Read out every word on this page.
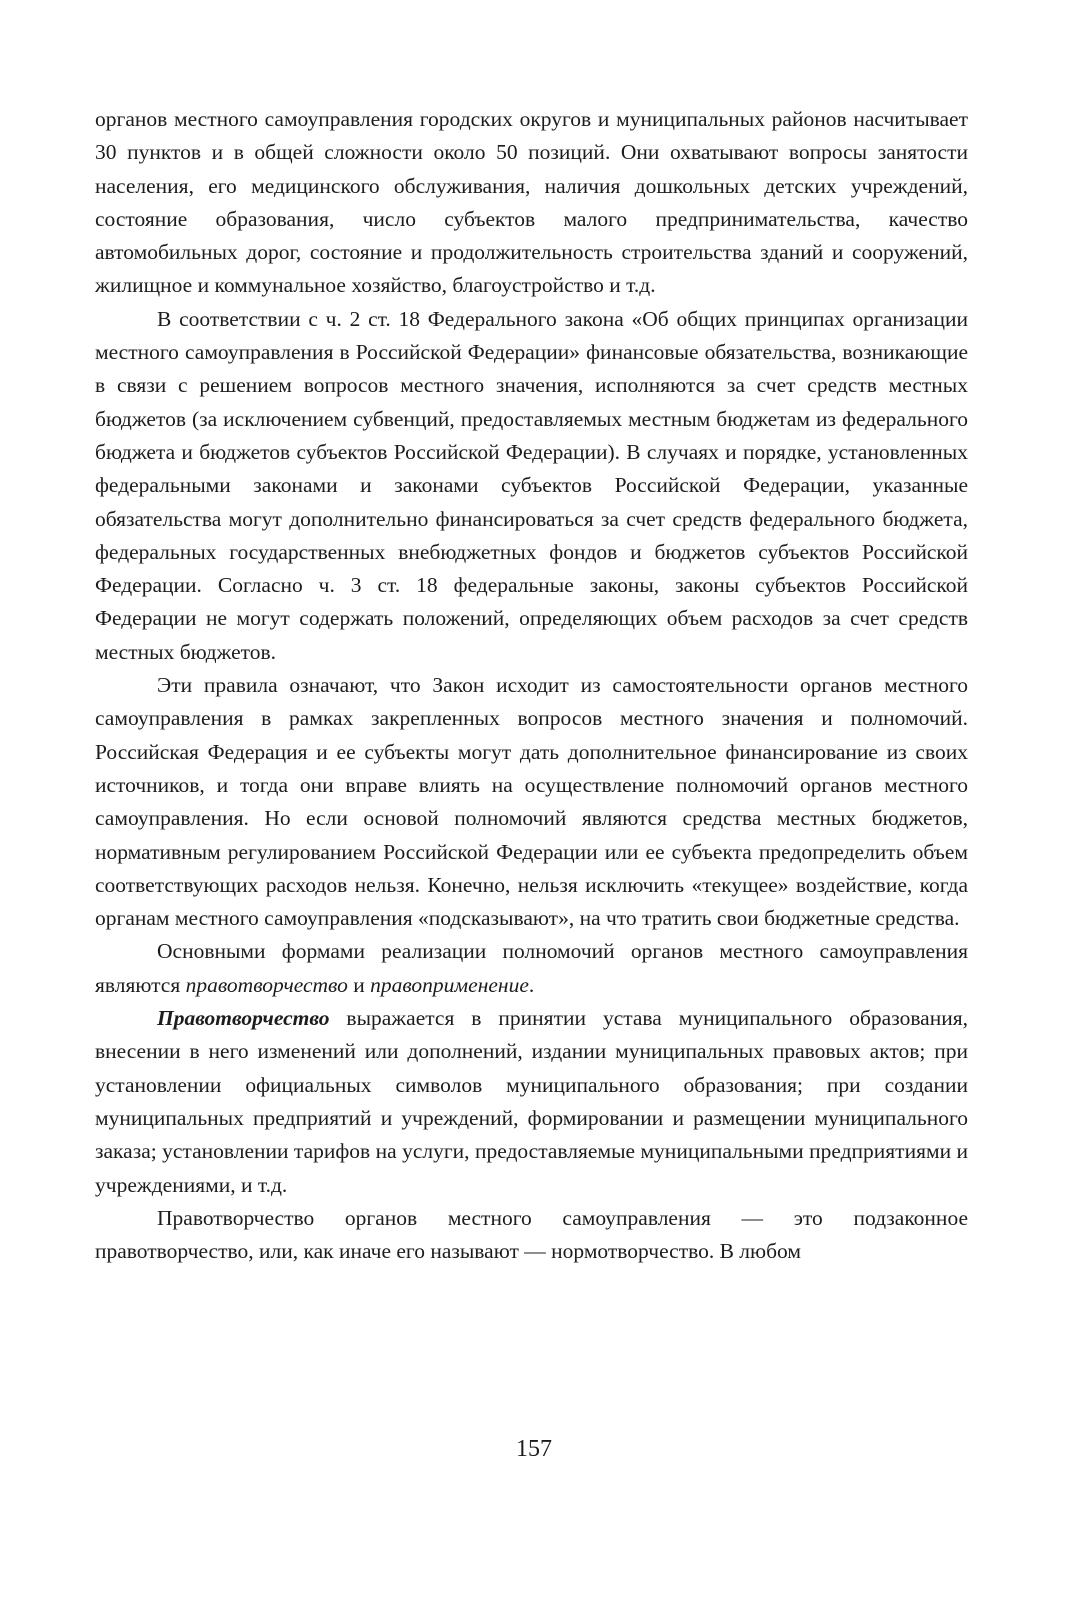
органов местного самоуправления городских округов и муниципальных районов насчитывает 30 пунктов и в общей сложности около 50 позиций. Они охватывают вопросы занятости населения, его медицинского обслуживания, наличия дошкольных детских учреждений, состояние образования, число субъектов малого предпринимательства, качество автомобильных дорог, состояние и продолжительность строительства зданий и сооружений, жилищное и коммунальное хозяйство, благоустройство и т.д.

В соответствии с ч. 2 ст. 18 Федерального закона «Об общих принципах организации местного самоуправления в Российской Федерации» финансовые обязательства, возникающие в связи с решением вопросов местного значения, исполняются за счет средств местных бюджетов (за исключением субвенций, предоставляемых местным бюджетам из федерального бюджета и бюджетов субъектов Российской Федерации). В случаях и порядке, установленных федеральными законами и законами субъектов Российской Федерации, указанные обязательства могут дополнительно финансироваться за счет средств федерального бюджета, федеральных государственных внебюджетных фондов и бюджетов субъектов Российской Федерации. Согласно ч. 3 ст. 18 федеральные законы, законы субъектов Российской Федерации не могут содержать положений, определяющих объем расходов за счет средств местных бюджетов.

Эти правила означают, что Закон исходит из самостоятельности органов местного самоуправления в рамках закрепленных вопросов местного значения и полномочий. Российская Федерация и ее субъекты могут дать дополнительное финансирование из своих источников, и тогда они вправе влиять на осуществление полномочий органов местного самоуправления. Но если основой полномочий являются средства местных бюджетов, нормативным регулированием Российской Федерации или ее субъекта предопределить объем соответствующих расходов нельзя. Конечно, нельзя исключить «текущее» воздействие, когда органам местного самоуправления «подсказывают», на что тратить свои бюджетные средства.

Основными формами реализации полномочий органов местного самоуправления являются правотворчество и правоприменение.

Правотворчество выражается в принятии устава муниципального образования, внесении в него изменений или дополнений, издании муниципальных правовых актов; при установлении официальных символов муниципального образования; при создании муниципальных предприятий и учреждений, формировании и размещении муниципального заказа; установлении тарифов на услуги, предоставляемые муниципальными предприятиями и учреждениями, и т.д.

Правотворчество органов местного самоуправления — это подзаконное правотворчество, или, как иначе его называют — нормотворчество. В любом

157
